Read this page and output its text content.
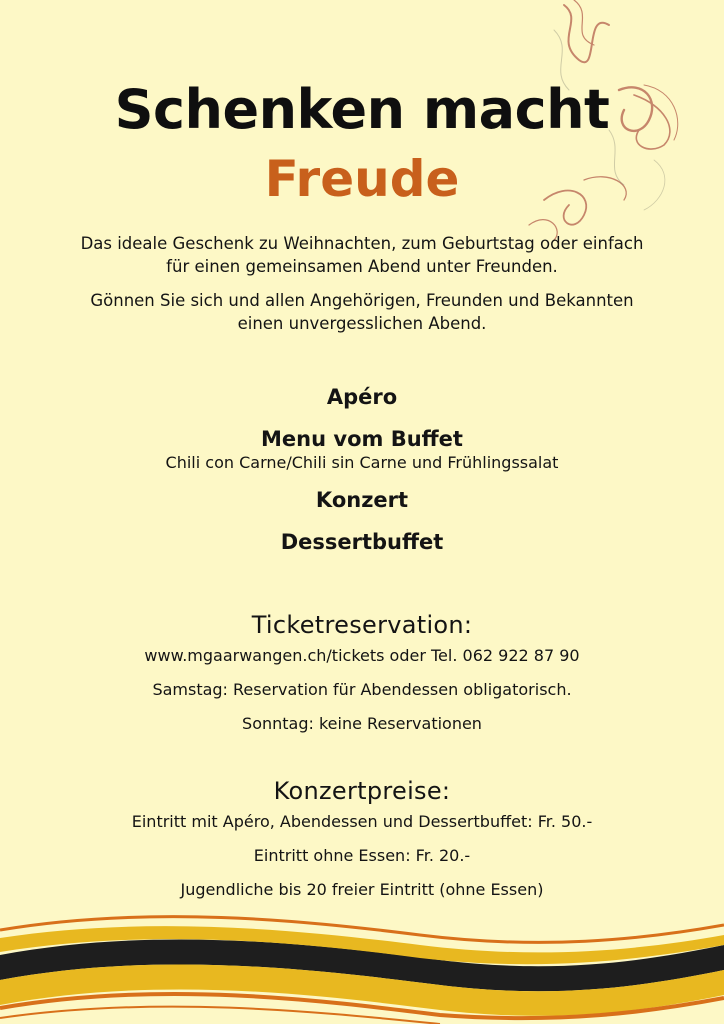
Schenken macht
Freude

Das ideale Geschenk zu Weihnachten, zum Geburtstag oder einfach
für einen gemeinsamen Abend unter Freunden.

Gönnen Sie sich und allen Angehörigen, Freunden und Bekannten
einen unvergesslichen Abend.

Apéro
Menu vom Buffet
Chili con Carne/Chili sin Carne und Frühlingssalat
Konzert
Dessertbuffet
Ticketreservation:
www.mgaarwangen.ch/tickets oder Tel. 062 922 87 90
Samstag: Reservation für Abendessen obligatorisch.
Sonntag: keine Reservationen
Konzertpreise:
Eintritt mit Apéro, Abendessen und Dessertbuffet: Fr. 50.-
Eintritt ohne Essen: Fr. 20.-
Jugendliche bis 20 freier Eintritt (ohne Essen)
